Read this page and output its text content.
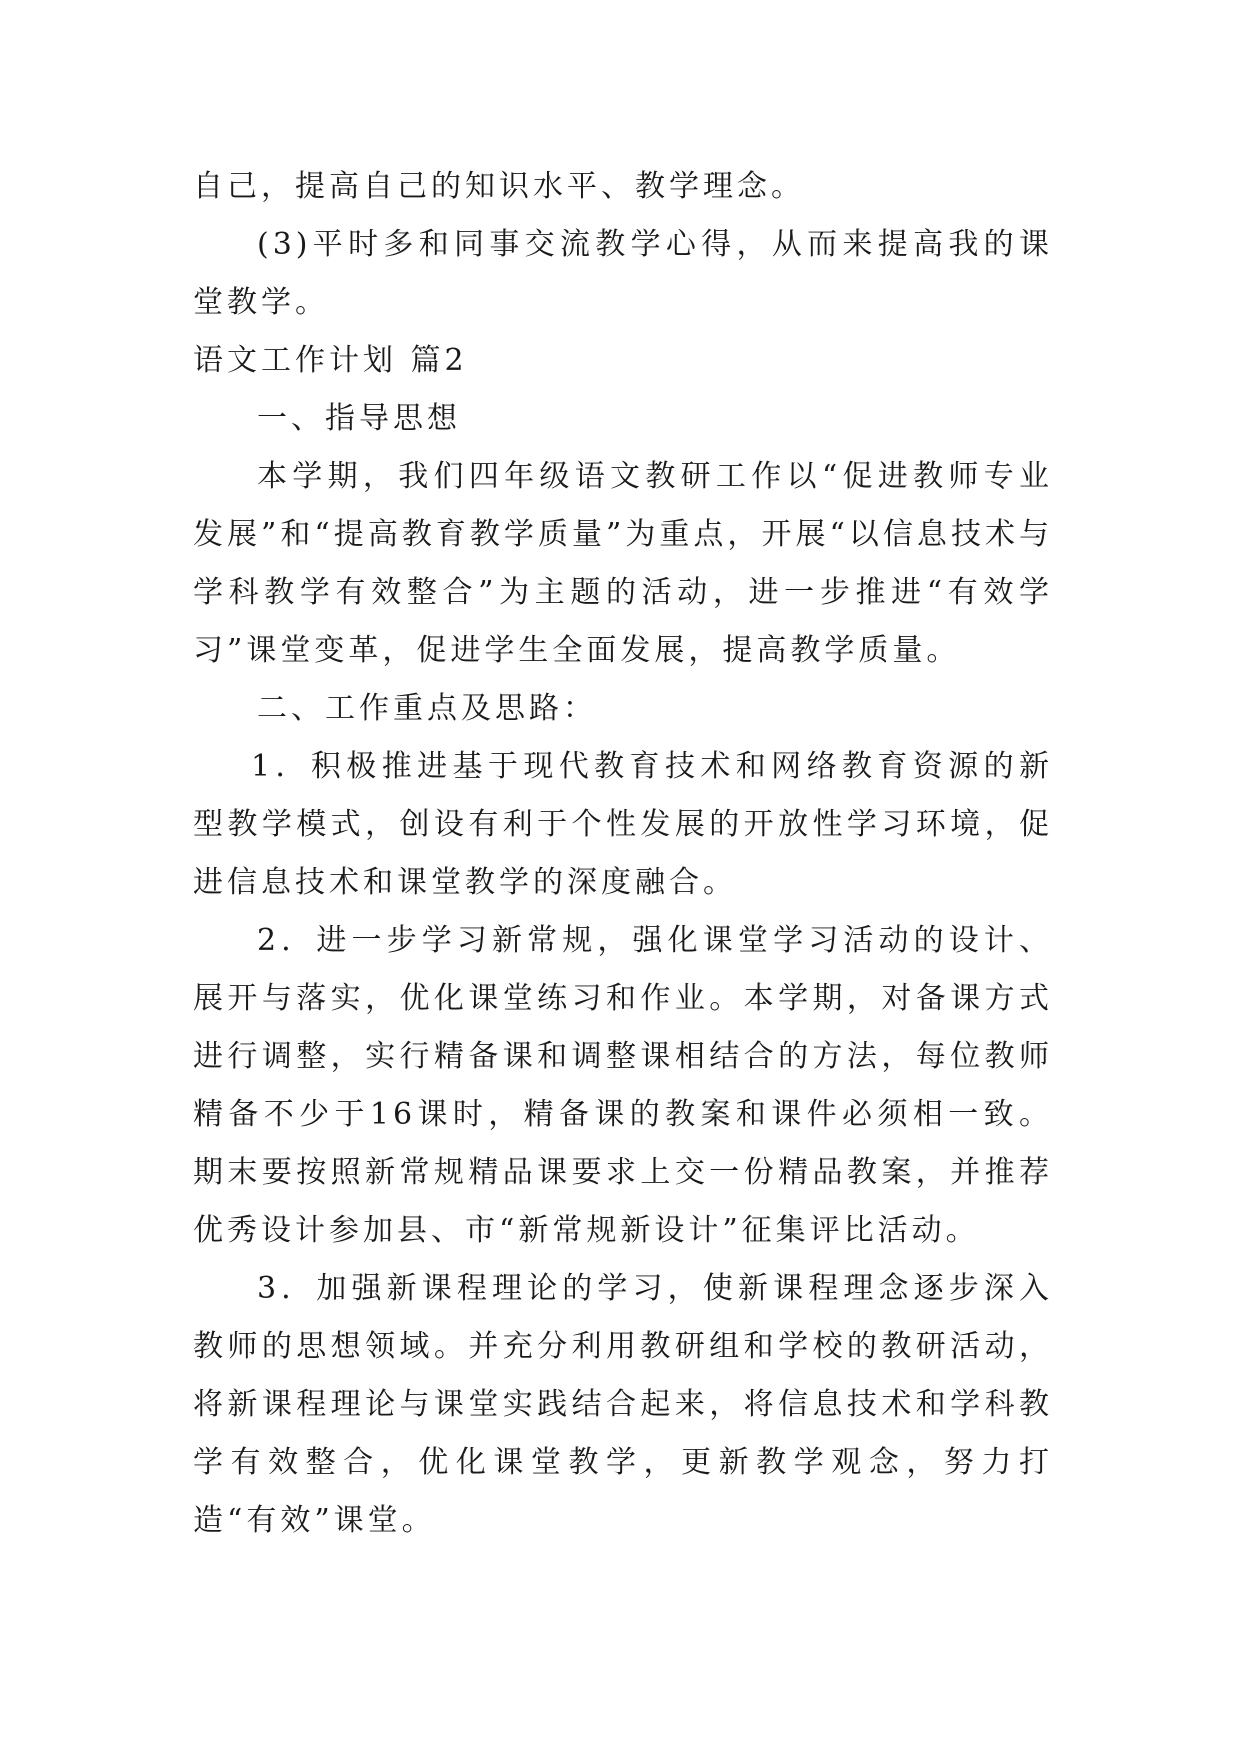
自己，提高自己的知识水平、教学理念。

(3)平时多和同事交流教学心得，从而来提高我的课堂教学。

语文工作计划 篇2

一、指导思想

本学期，我们四年级语文教研工作以“促进教师专业发展”和“提高教育教学质量”为重点，开展“以信息技术与学科教学有效整合”为主题的活动，进一步推进“有效学习”课堂变革，促进学生全面发展，提高教学质量。

二、工作重点及思路：

1．积极推进基于现代教育技术和网络教育资源的新型教学模式，创设有利于个性发展的开放性学习环境，促进信息技术和课堂教学的深度融合。

2．进一步学习新常规，强化课堂学习活动的设计、展开与落实，优化课堂练习和作业。本学期，对备课方式进行调整，实行精备课和调整课相结合的方法，每位教师精备不少于16课时，精备课的教案和课件必须相一致。期末要按照新常规精品课要求上交一份精品教案，并推荐优秀设计参加县、市“新常规新设计”征集评比活动。

3．加强新课程理论的学习，使新课程理念逐步深入教师的思想领域。并充分利用教研组和学校的教研活动，将新课程理论与课堂实践结合起来，将信息技术和学科教学有效整合，优化课堂教学，更新教学观念，努力打造“有效”课堂。
